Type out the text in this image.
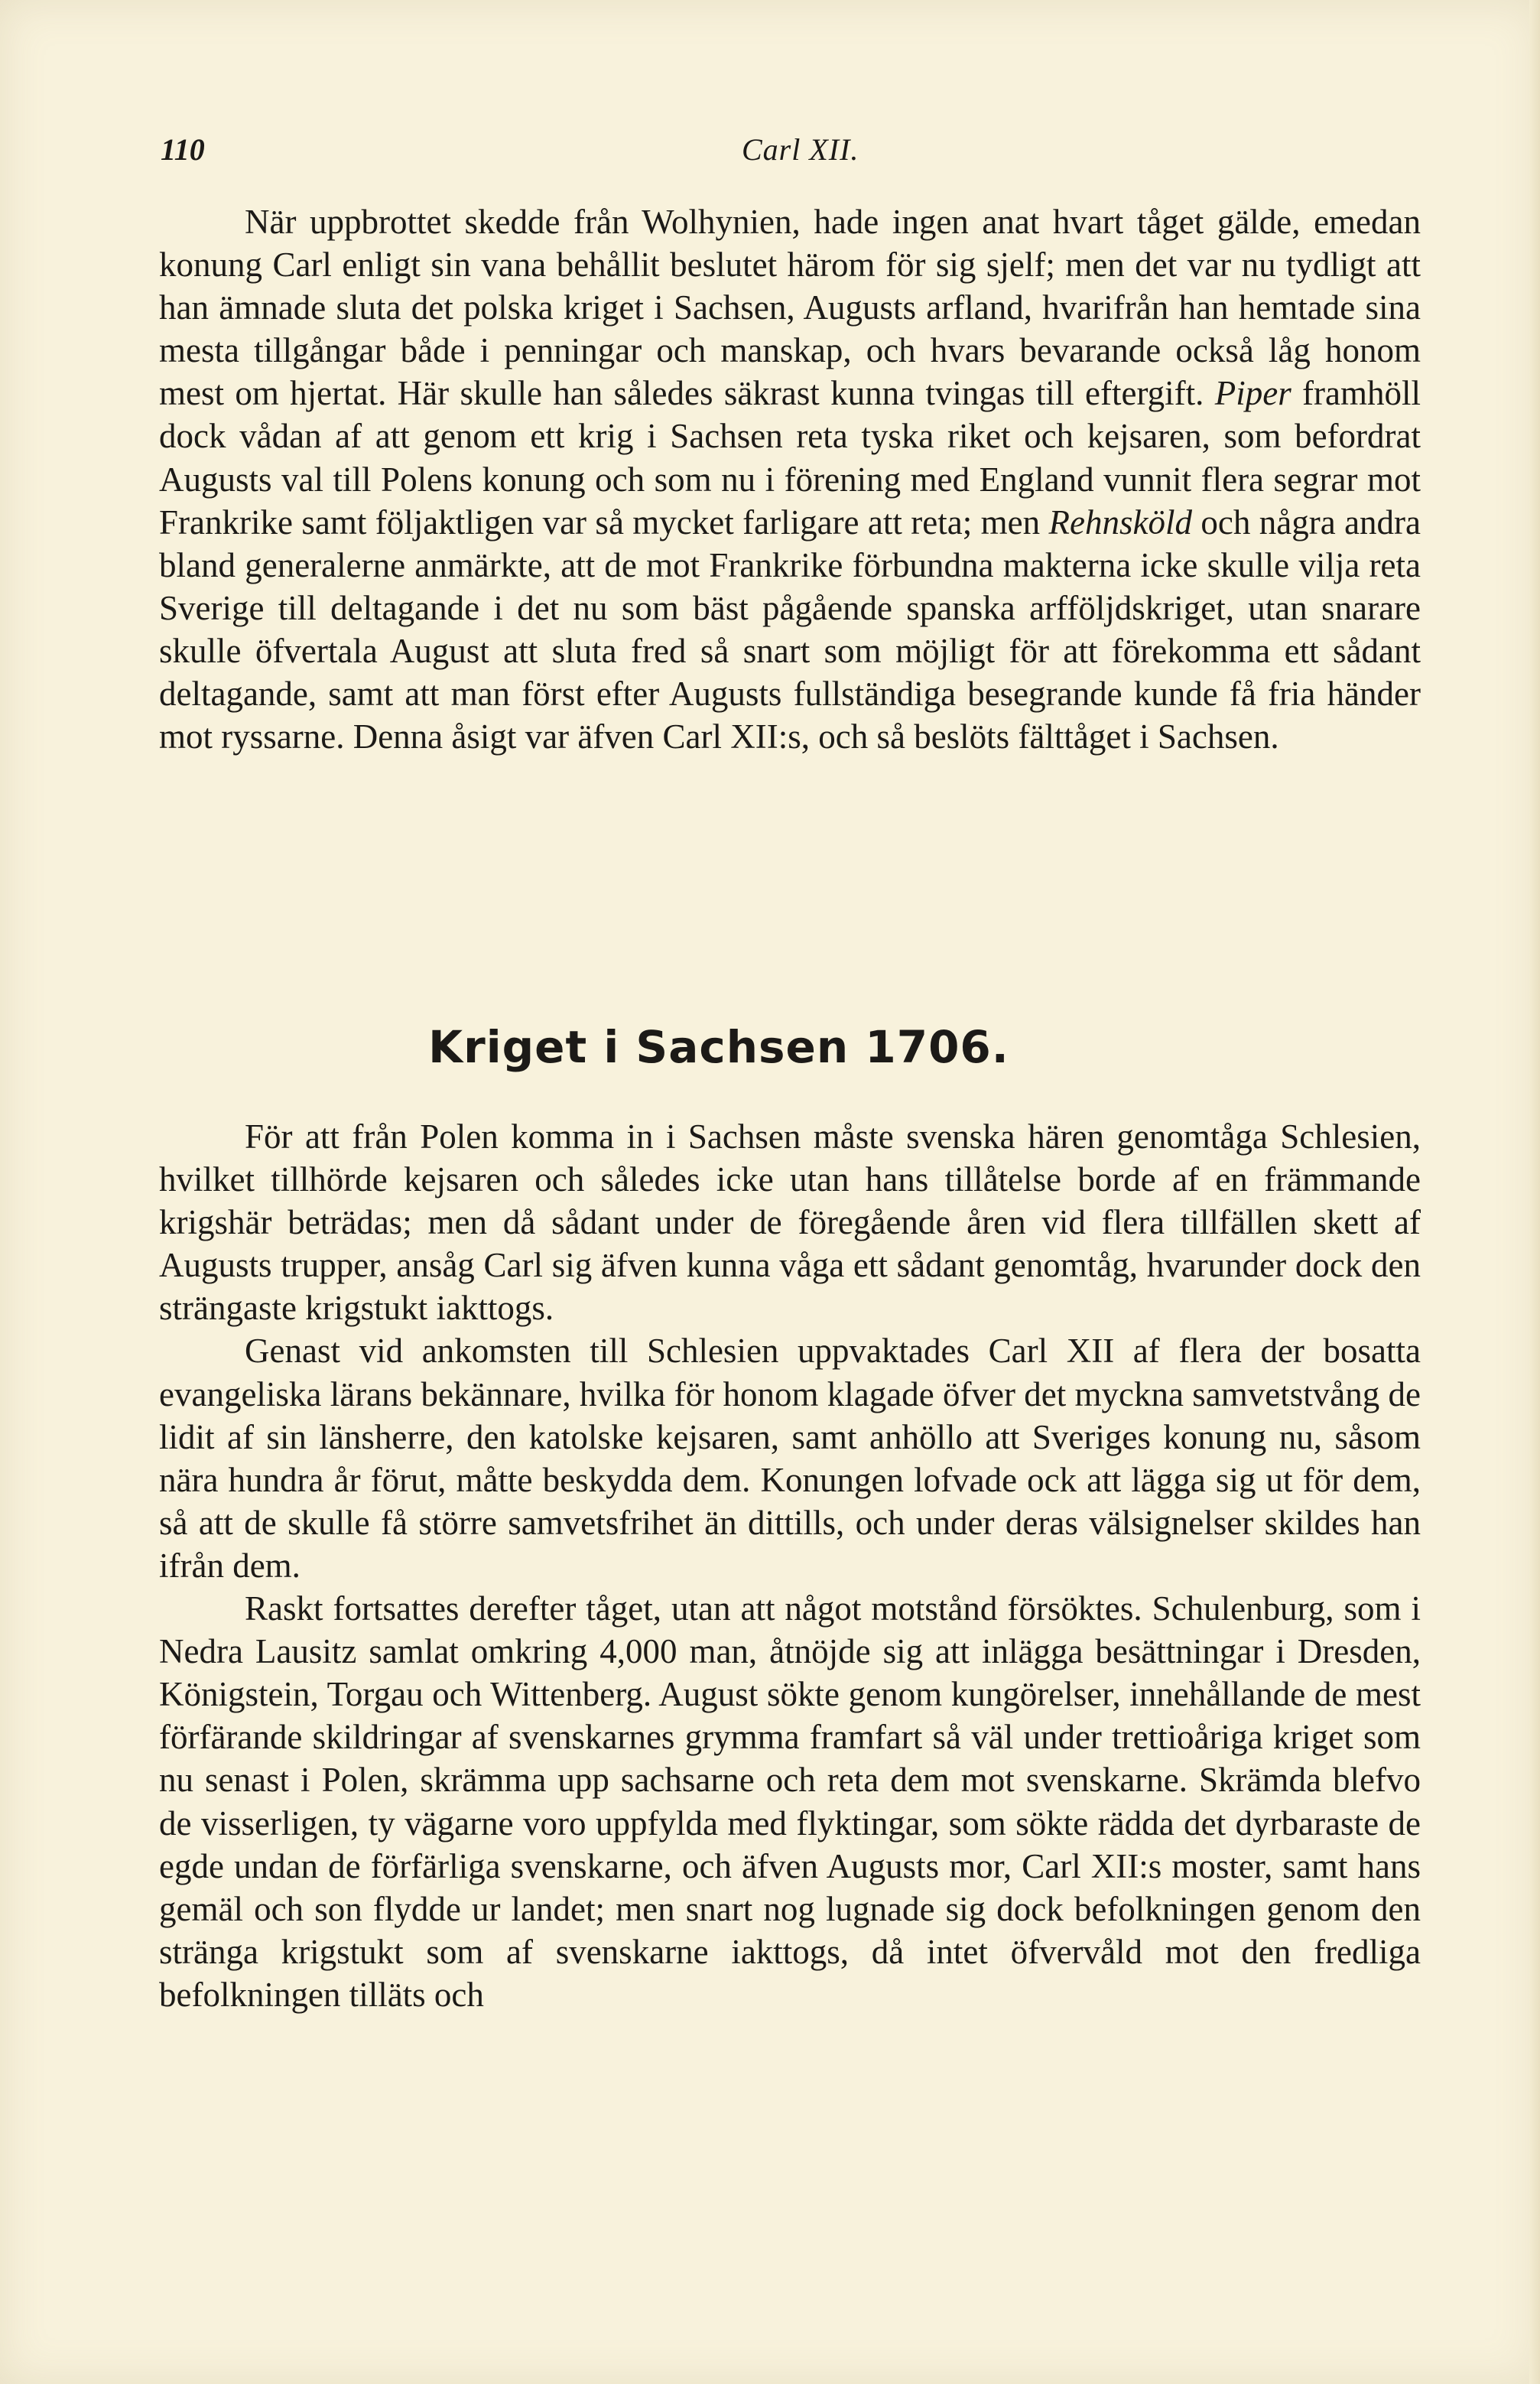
110	Carl XII.

När uppbrottet skedde från Wolhynien, hade ingen anat hvart tåget gälde, emedan konung Carl enligt sin vana behållit beslutet härom för sig sjelf; men det var nu tydligt att han ämnade sluta det polska kriget i Sachsen, Augusts arfland, hvarifrån han hemtade sina mesta tillgångar både i penningar och manskap, och hvars bevarande också låg honom mest om hjertat. Här skulle han således säkrast kunna tvingas till eftergift. Piper framhöll dock vådan af att genom ett krig i Sachsen reta tyska riket och kejsaren, som befordrat Augusts val till Polens konung och som nu i förening med England vunnit flera segrar mot Frankrike samt följaktligen var så mycket farligare att reta; men Rehnsköld och några andra bland generalerne anmärkte, att de mot Frankrike förbundna makterna icke skulle vilja reta Sverige till deltagande i det nu som bäst pågående spanska arfföljdskriget, utan snarare skulle öfvertala August att sluta fred så snart som möjligt för att förekomma ett sådant deltagande, samt att man först efter Augusts fullständiga besegrande kunde få fria händer mot ryssarne. Denna åsigt var äfven Carl XII:s, och så beslöts fälttåget i Sachsen.

Kriget i Sachsen 1706.

För att från Polen komma in i Sachsen måste svenska hären genomtåga Schlesien, hvilket tillhörde kejsaren och således icke utan hans tillåtelse borde af en främmande krigshär beträdas; men då sådant under de föregående åren vid flera tillfällen skett af Augusts trupper, ansåg Carl sig äfven kunna våga ett sådant genomtåg, hvarunder dock den strängaste krigstukt iakttogs.

Genast vid ankomsten till Schlesien uppvaktades Carl XII af flera der bosatta evangeliska lärans bekännare, hvilka för honom klagade öfver det myckna samvetstvång de lidit af sin länsherre, den katolske kejsaren, samt anhöllo att Sveriges konung nu, såsom nära hundra år förut, måtte beskydda dem. Konungen lofvade ock att lägga sig ut för dem, så att de skulle få större samvetsfrihet än dittills, och under deras välsignelser skildes han ifrån dem.

Raskt fortsattes derefter tåget, utan att något motstånd försöktes. Schulenburg, som i Nedra Lausitz samlat omkring 4,000 man, åtnöjde sig att inlägga besättningar i Dresden, Königstein, Torgau och Wittenberg. August sökte genom kungörelser, innehållande de mest förfärande skildringar af svenskarnes grymma framfart så väl under trettioåriga kriget som nu senast i Polen, skrämma upp sachsarne och reta dem mot svenskarne. Skrämda blefvo de visserligen, ty vägarne voro uppfylda med flyktingar, som sökte rädda det dyrbaraste de egde undan de förfärliga svenskarne, och äfven Augusts mor, Carl XII:s moster, samt hans gemäl och son flydde ur landet; men snart nog lugnade sig dock befolkningen genom den stränga krigstukt som af svenskarne iakttogs, då intet öfvervåld mot den fredliga befolkningen tilläts och
